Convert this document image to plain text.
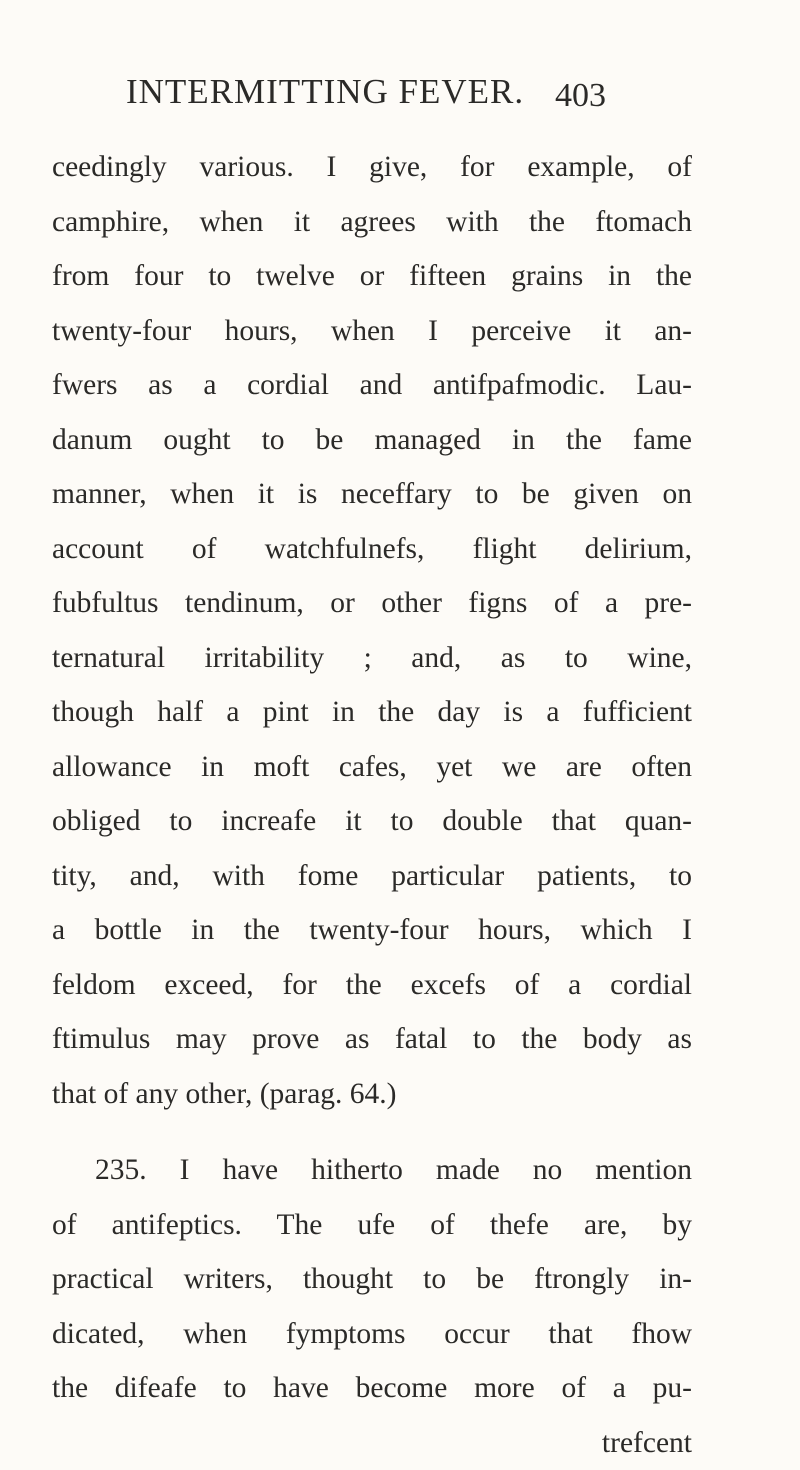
INTERMITTING FEVER. 403
ceedingly various. I give, for example, of
camphire, when it agrees with the ftomach
from four to twelve or fifteen grains in the
twenty-four hours, when I perceive it an-
fwers as a cordial and antifpafmodic. Lau-
danum ought to be managed in the fame
manner, when it is neceffary to be given on
account of watchfulnefs, flight delirium,
fubfultus tendinum, or other figns of a pre-
ternatural irritability ; and, as to wine,
though half a pint in the day is a fufficient
allowance in moft cafes, yet we are often
obliged to increafe it to double that quan-
tity, and, with fome particular patients, to
a bottle in the twenty-four hours, which I
feldom exceed, for the excefs of a cordial
ftimulus may prove as fatal to the body as
that of any other, (parag. 64.)
235. I have hitherto made no mention
of antifeptics. The ufe of thefe are, by
practical writers, thought to be ftrongly in-
dicated, when fymptoms occur that fhow
the difeafe to have become more of a pu-
trefcent
